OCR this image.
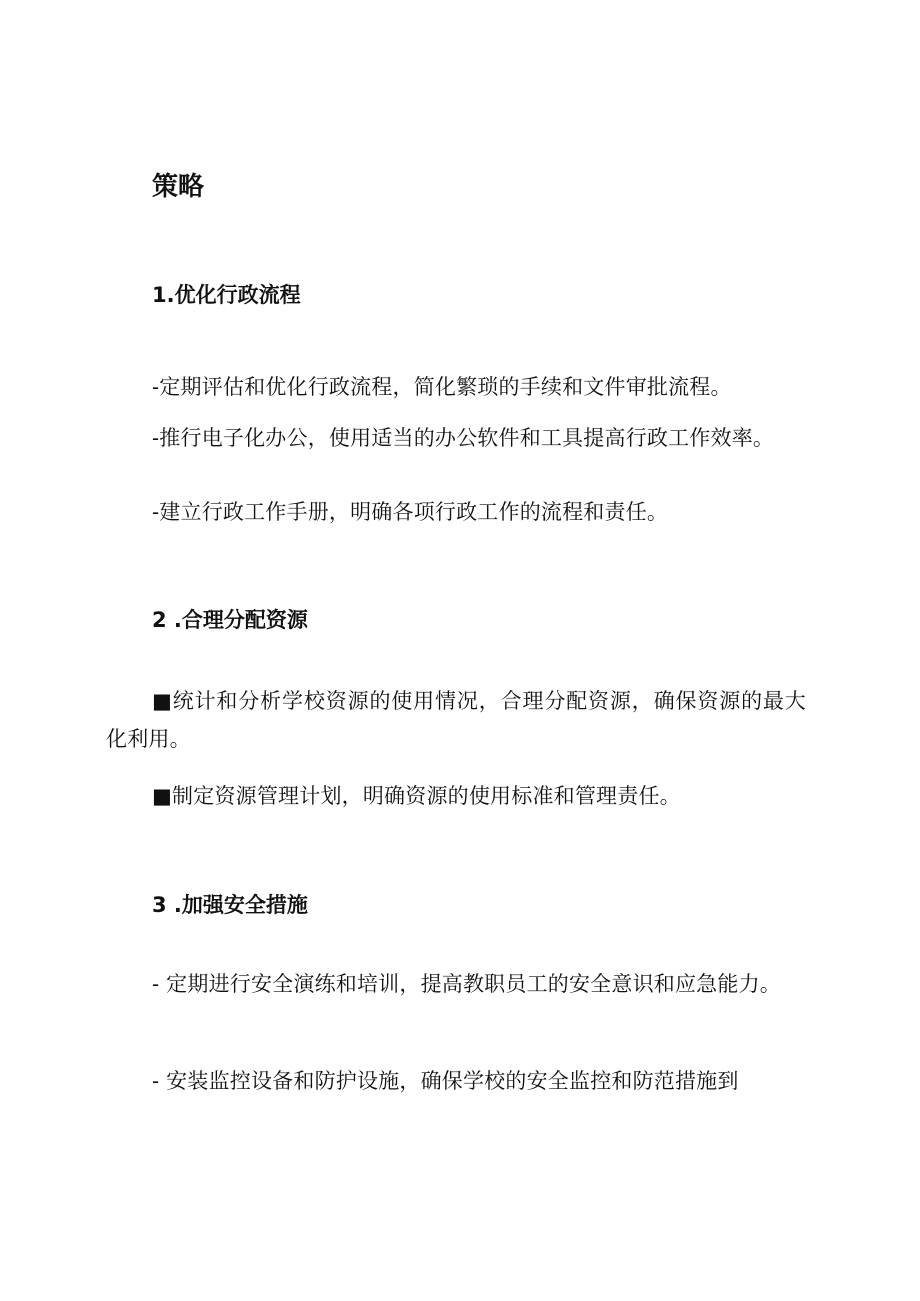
策略
1.优化行政流程
-定期评估和优化行政流程，简化繁琐的手续和文件审批流程。
-推行电子化办公，使用适当的办公软件和工具提高行政工作效率。
-建立行政工作手册，明确各项行政工作的流程和责任。
2 .合理分配资源
■统计和分析学校资源的使用情况，合理分配资源，确保资源的最大化利用。
■制定资源管理计划，明确资源的使用标准和管理责任。
3 .加强安全措施
- 定期进行安全演练和培训，提高教职员工的安全意识和应急能力。
- 安装监控设备和防护设施，确保学校的安全监控和防范措施到
